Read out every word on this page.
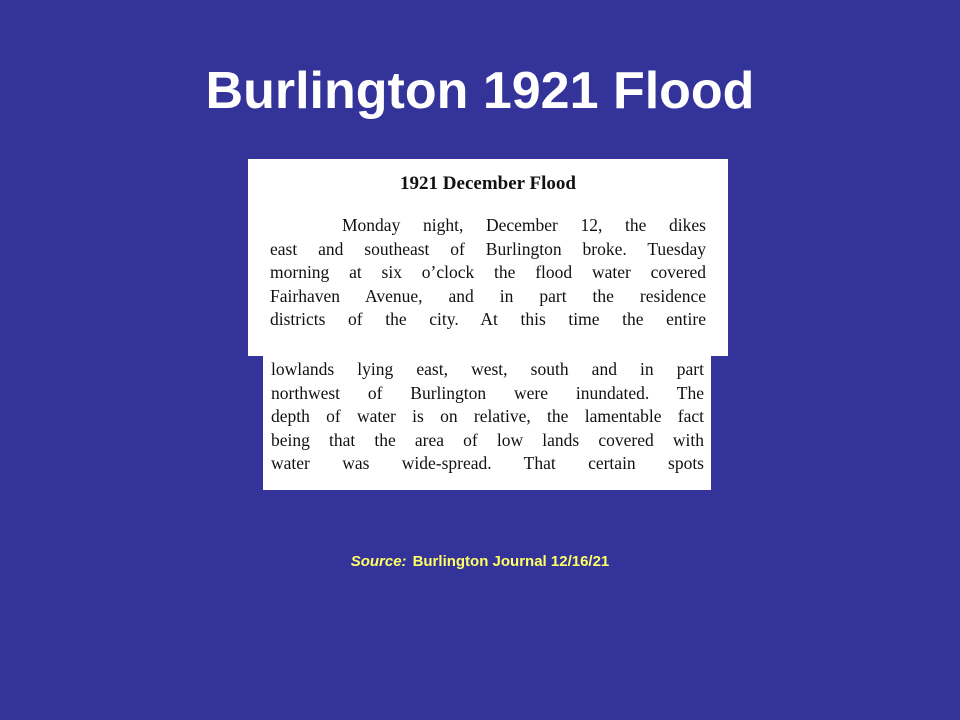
Burlington 1921 Flood
1921 December Flood
Monday night, December 12, the dikes
east and southeast of Burlington broke. Tuesday
morning at six o’clock the flood water covered
Fairhaven Avenue, and in part the residence
districts of the city. At this time the entire
lowlands lying east, west, south and in part
northwest of Burlington were inundated. The
depth of water is on relative, the lamentable fact
being that the area of low lands covered with
water was wide-spread. That certain spots
Source: Burlington Journal 12/16/21
